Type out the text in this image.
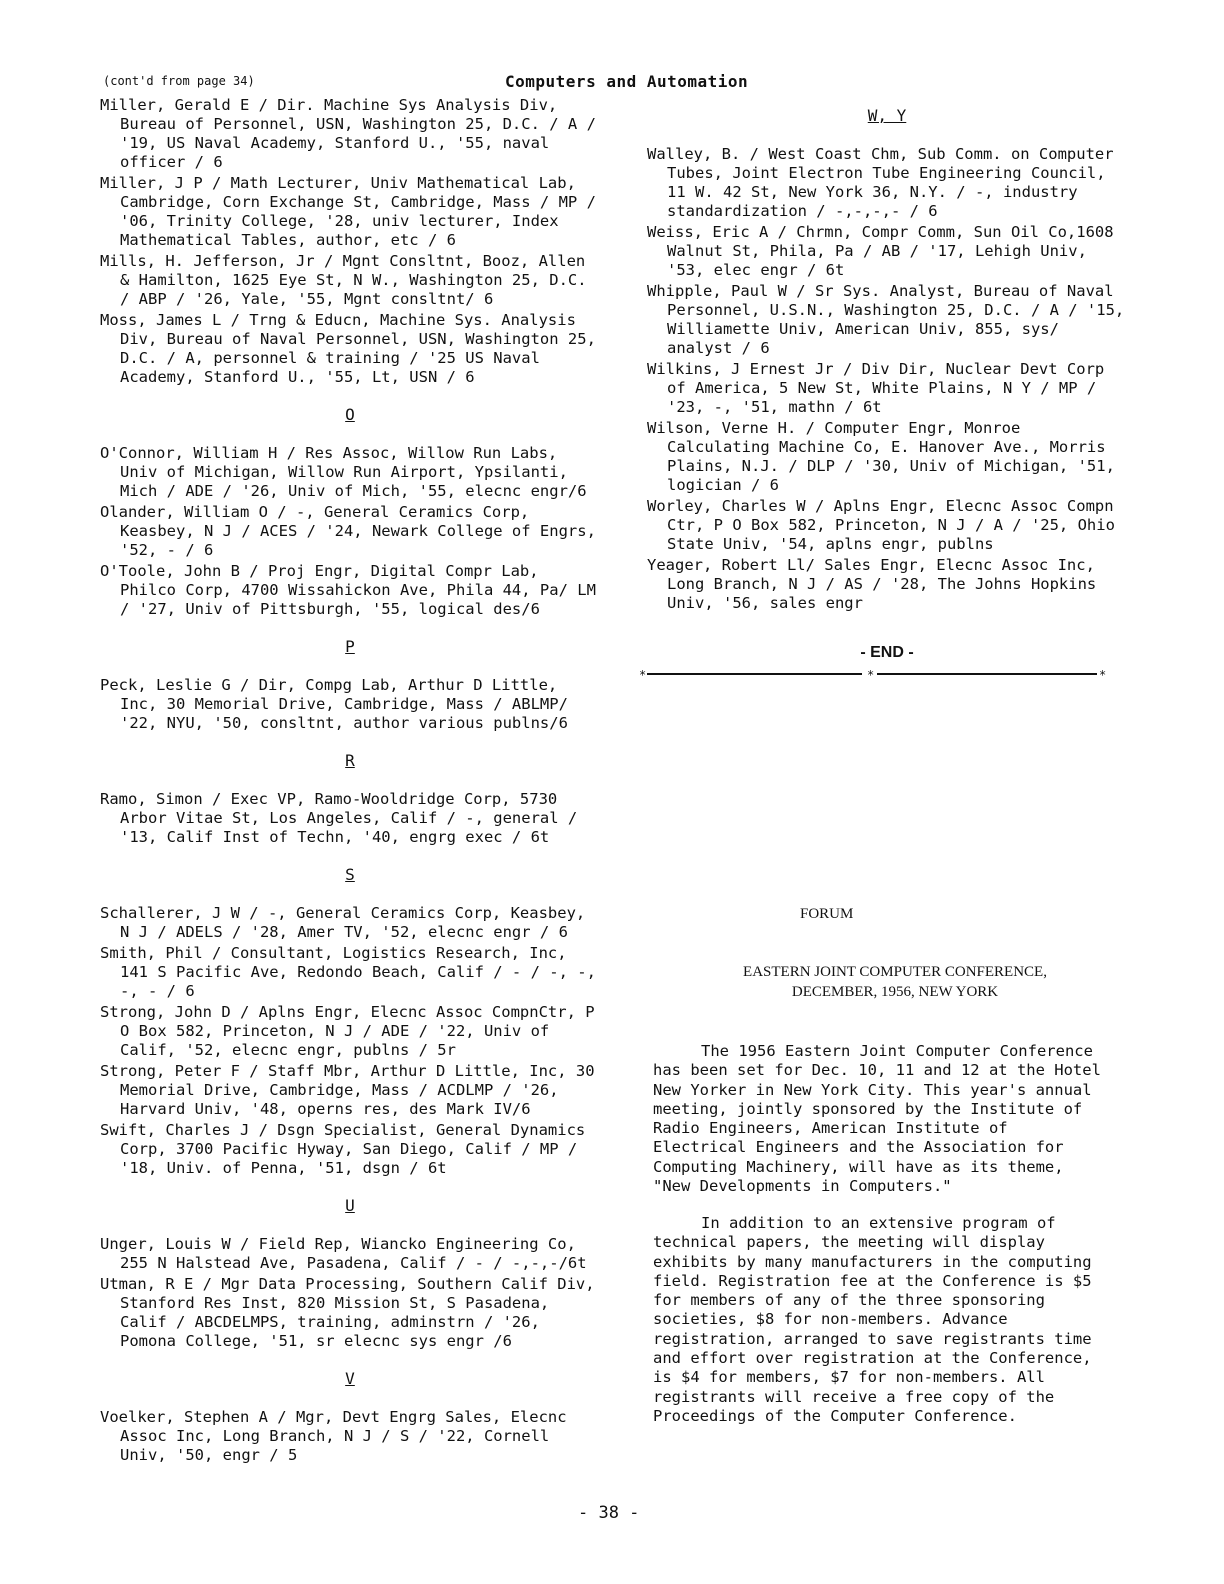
(cont'd from page 34)	Computers and Automation
Miller, Gerald E / Dir. Machine Sys Analysis Div, Bureau of Personnel, USN, Washington 25, D.C. / A / '19, US Naval Academy, Stanford U., '55, naval officer / 6
Miller, J P / Math Lecturer, Univ Mathematical Lab, Cambridge, Corn Exchange St, Cambridge, Mass / MP / '06, Trinity College, '28, univ lecturer, Index Mathematical Tables, author, etc / 6
Mills, H. Jefferson, Jr / Mgnt Consltnt, Booz, Allen & Hamilton, 1625 Eye St, N W., Washington 25, D.C. / ABP / '26, Yale, '55, Mgnt consltnt/ 6
Moss, James L / Trng & Educn, Machine Sys. Analysis Div, Bureau of Naval Personnel, USN, Washington 25, D.C. / A, personnel & training / '25 US Naval Academy, Stanford U., '55, Lt, USN / 6
O
O'Connor, William H / Res Assoc, Willow Run Labs, Univ of Michigan, Willow Run Airport, Ypsilanti, Mich / ADE / '26, Univ of Mich, '55, elecnc engr/6
Olander, William O / -, General Ceramics Corp, Keasbey, N J / ACES / '24, Newark College of Engrs, '52, - / 6
O'Toole, John B / Proj Engr, Digital Compr Lab, Philco Corp, 4700 Wissahickon Ave, Phila 44, Pa/ LM / '27, Univ of Pittsburgh, '55, logical des/6
P
Peck, Leslie G / Dir, Compg Lab, Arthur D Little, Inc, 30 Memorial Drive, Cambridge, Mass / ABLMP/ '22, NYU, '50, consltnt, author various publns/6
R
Ramo, Simon / Exec VP, Ramo-Wooldridge Corp, 5730 Arbor Vitae St, Los Angeles, Calif / -, general / '13, Calif Inst of Techn, '40, engrg exec / 6t
S
Schallerer, J W / -, General Ceramics Corp, Keasbey, N J / ADELS / '28, Amer TV, '52, elecnc engr / 6
Smith, Phil / Consultant, Logistics Research, Inc, 141 S Pacific Ave, Redondo Beach, Calif / - / -, -, -, - / 6
Strong, John D / Aplns Engr, Elecnc Assoc CompnCtr, P O Box 582, Princeton, N J / ADE / '22, Univ of Calif, '52, elecnc engr, publns / 5r
Strong, Peter F / Staff Mbr, Arthur D Little, Inc, 30 Memorial Drive, Cambridge, Mass / ACDLMP / '26, Harvard Univ, '48, operns res, des Mark IV/6
Swift, Charles J / Dsgn Specialist, General Dynamics Corp, 3700 Pacific Hyway, San Diego, Calif / MP / '18, Univ. of Penna, '51, dsgn / 6t
U
Unger, Louis W / Field Rep, Wiancko Engineering Co, 255 N Halstead Ave, Pasadena, Calif / - / -,-,-/6t
Utman, R E / Mgr Data Processing, Southern Calif Div, Stanford Res Inst, 820 Mission St, S Pasadena, Calif / ABCDELMPS, training, adminstrn / '26, Pomona College, '51, sr elecnc sys engr /6
V
Voelker, Stephen A / Mgr, Devt Engrg Sales, Elecnc Assoc Inc, Long Branch, N J / S / '22, Cornell Univ, '50, engr / 5
W, Y
Walley, B. / West Coast Chm, Sub Comm. on Computer Tubes, Joint Electron Tube Engineering Council, 11 W. 42 St, New York 36, N.Y. / -, industry standardization / -,-,-,- / 6
Weiss, Eric A / Chrmn, Compr Comm, Sun Oil Co,1608 Walnut St, Phila, Pa / AB / '17, Lehigh Univ, '53, elec engr / 6t
Whipple, Paul W / Sr Sys. Analyst, Bureau of Naval Personnel, U.S.N., Washington 25, D.C. / A / '15, Williamette Univ, American Univ, 855, sys/ analyst / 6
Wilkins, J Ernest Jr / Div Dir, Nuclear Devt Corp of America, 5 New St, White Plains, N Y / MP / '23, -, '51, mathn / 6t
Wilson, Verne H. / Computer Engr, Monroe Calculating Machine Co, E. Hanover Ave., Morris Plains, N.J. / DLP / '30, Univ of Michigan, '51, logician / 6
Worley, Charles W / Aplns Engr, Elecnc Assoc Compn Ctr, P O Box 582, Princeton, N J / A / '25, Ohio State Univ, '54, aplns engr, publns
Yeager, Robert Ll/ Sales Engr, Elecnc Assoc Inc, Long Branch, N J / AS / '28, The Johns Hopkins Univ, '56, sales engr
- END -
*	*	*
FORUM
EASTERN JOINT COMPUTER CONFERENCE,
DECEMBER, 1956, NEW YORK
The 1956 Eastern Joint Computer Conference has been set for Dec. 10, 11 and 12 at the Hotel New Yorker in New York City. This year's annual meeting, jointly sponsored by the Institute of Radio Engineers, American Institute of Electrical Engineers and the Association for Computing Machinery, will have as its theme, "New Developments in Computers."
In addition to an extensive program of technical papers, the meeting will display exhibits by many manufacturers in the computing field. Registration fee at the Conference is $5 for members of any of the three sponsoring societies, $8 for non-members. Advance registration, arranged to save registrants time and effort over registration at the Conference, is $4 for members, $7 for non-members. All registrants will receive a free copy of the Proceedings of the Computer Conference.
- 38 -
